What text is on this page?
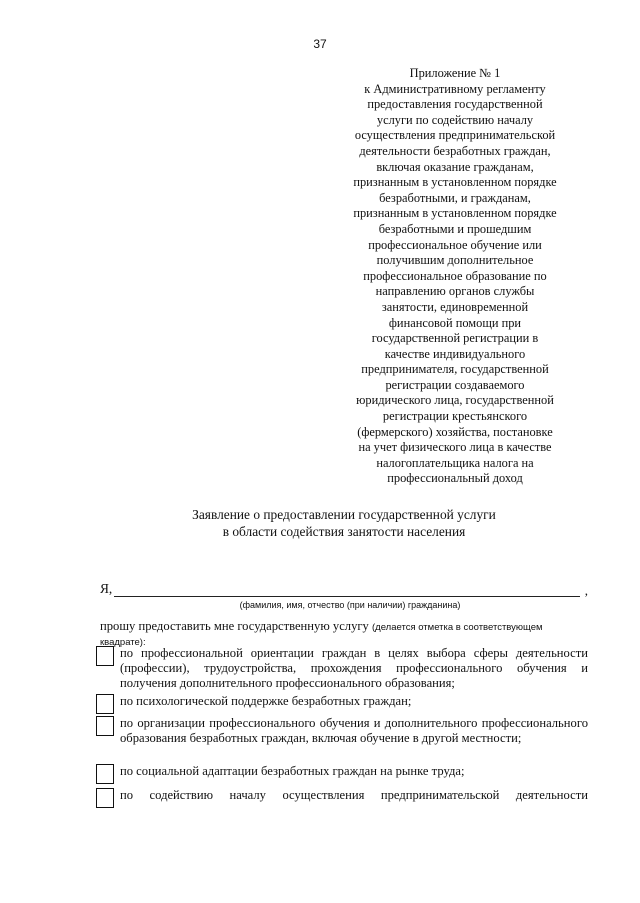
37
Приложение № 1
к Административному регламенту
предоставления государственной
услуги по содействию началу
осуществления предпринимательской
деятельности безработных граждан,
включая оказание гражданам,
признанным в установленном порядке
безработными, и гражданам,
признанным в установленном порядке
безработными и прошедшим
профессиональное обучение или
получившим дополнительное
профессиональное образование по
направлению органов службы
занятости, единовременной
финансовой помощи при
государственной регистрации в
качестве индивидуального
предпринимателя, государственной
регистрации создаваемого
юридического лица, государственной
регистрации крестьянского
(фермерского) хозяйства, постановке
на учет физического лица в качестве
налогоплательщика налога на
профессиональный доход
Заявление о предоставлении государственной услуги
в области содействия занятости населения
Я,	,
(фамилия, имя, отчество (при наличии) гражданина)
прошу предоставить мне государственную услугу (делается отметка в соответствующем квадрате):
по профессиональной ориентации граждан в целях выбора сферы деятельности (профессии), трудоустройства, прохождения профессионального обучения и получения дополнительного профессионального образования;
по психологической поддержке безработных граждан;
по организации профессионального обучения и дополнительного профессионального образования безработных граждан, включая обучение в другой местности;
по социальной адаптации безработных граждан на рынке труда;
по содействию началу осуществления предпринимательской деятельности
